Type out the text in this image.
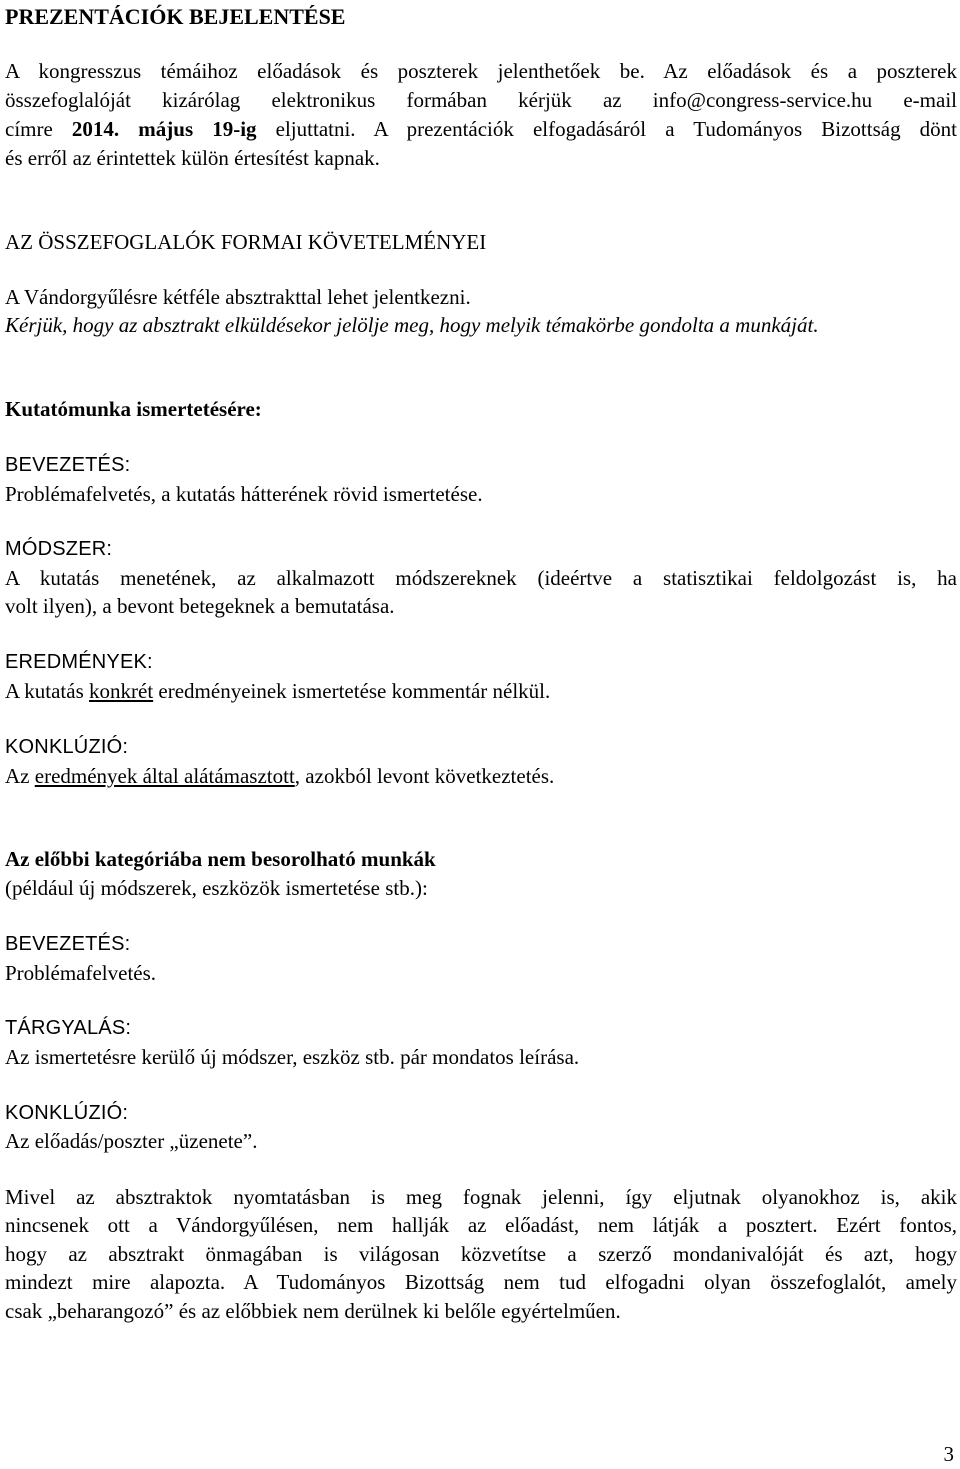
PREZENTÁCIÓK BEJELENTÉSE
A kongresszus témáihoz előadások és poszterek jelenthetőek be. Az előadások és a poszterek
összefoglalóját kizárólag elektronikus formában kérjük az info@congress-service.hu e-mail
címre 2014. május 19-ig eljuttatni. A prezentációk elfogadásáról a Tudományos Bizottság dönt
és erről az érintettek külön értesítést kapnak.
AZ ÖSSZEFOGLALÓK FORMAI KÖVETELMÉNYEI
A Vándorgyűlésre kétféle absztrakttal lehet jelentkezni.
Kérjük, hogy az absztrakt elküldésekor jelölje meg, hogy melyik témakörbe gondolta a munkáját.
Kutatómunka ismertetésére:
BEVEZETÉS:
Problémafelvetés, a kutatás hátterének rövid ismertetése.
MÓDSZER:
A kutatás menetének, az alkalmazott módszereknek (ideértve a statisztikai feldolgozást is, ha
volt ilyen), a bevont betegeknek a bemutatása.
EREDMÉNYEK:
A kutatás konkrét eredményeinek ismertetése kommentár nélkül.
KONKLÚZIÓ:
Az eredmények által alátámasztott, azokból levont következtetés.
Az előbbi kategóriába nem besorolható munkák
(például új módszerek, eszközök ismertetése stb.):
BEVEZETÉS:
Problémafelvetés.
TÁRGYALÁS:
Az ismertetésre kerülő új módszer, eszköz stb. pár mondatos leírása.
KONKLÚZIÓ:
Az előadás/poszter „üzenete”.
Mivel az absztraktok nyomtatásban is meg fognak jelenni, így eljutnak olyanokhoz is, akik
nincsenek ott a Vándorgyűlésen, nem hallják az előadást, nem látják a posztert. Ezért fontos,
hogy az absztrakt önmagában is világosan közvetítse a szerző mondanivalóját és azt, hogy
mindezt mire alapozta. A Tudományos Bizottság nem tud elfogadni olyan összefoglalót, amely
csak „beharangozó” és az előbbiek nem derülnek ki belőle egyértelműen.
3
